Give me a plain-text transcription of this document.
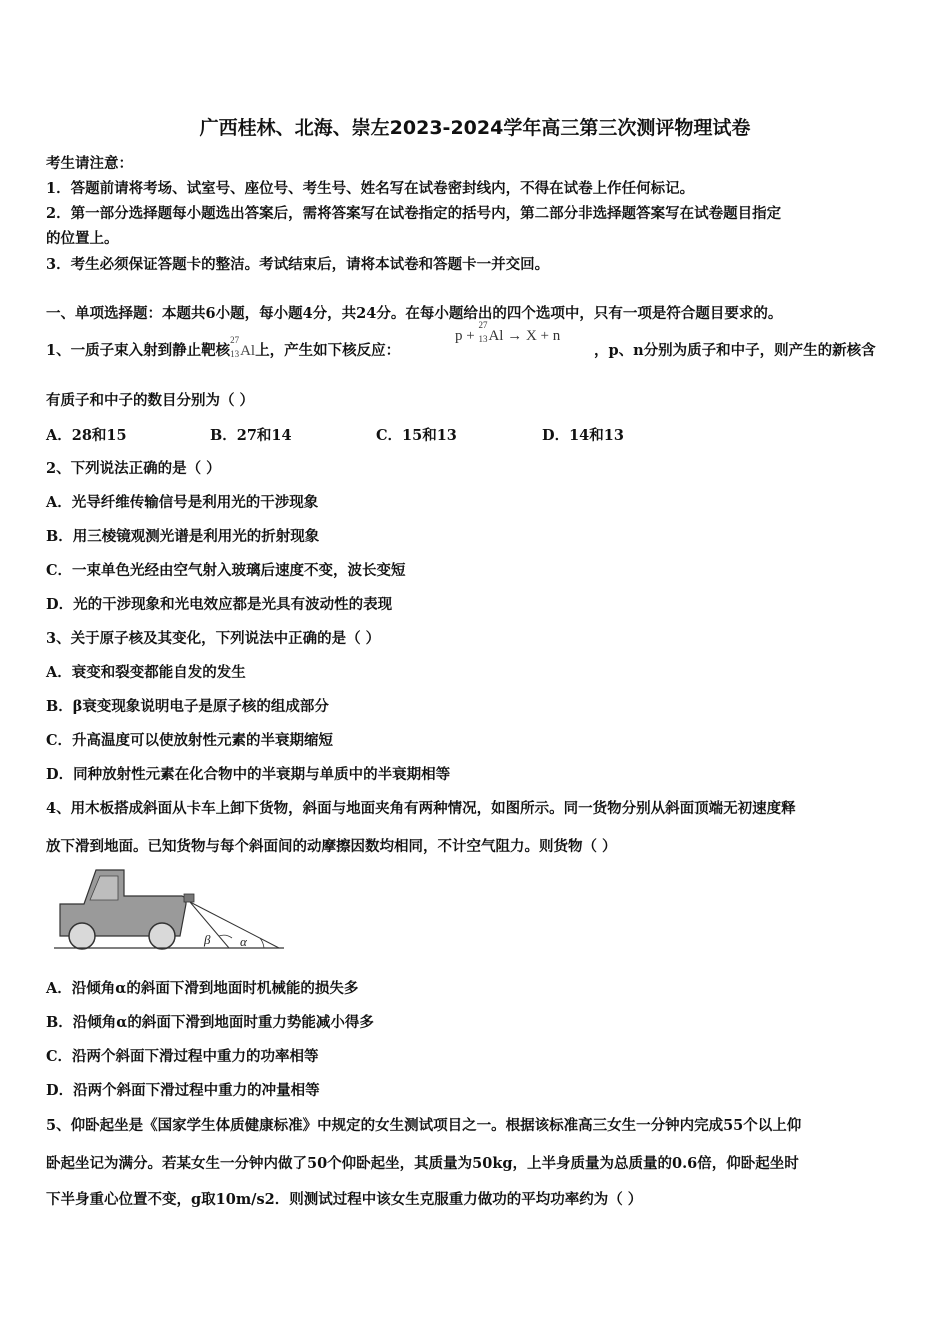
广西桂林、北海、崇左2023-2024学年高三第三次测评物理试卷
考生请注意：
1．答题前请将考场、试室号、座位号、考生号、姓名写在试卷密封线内，不得在试卷上作任何标记。
2．第一部分选择题每小题选出答案后，需将答案写在试卷指定的括号内，第二部分非选择题答案写在试卷题目指定
的位置上。
3．考生必须保证答题卡的整洁。考试结束后，请将本试卷和答题卡一并交回。
一、单项选择题：本题共6小题，每小题4分，共24分。在每小题给出的四个选项中，只有一项是符合题目要求的。
1、一质子束入射到静止靶核
27
13 Al上，产生如下核反应：
p +
27
13 Al → X + n
，p、n分别为质子和中子，则产生的新核含
有质子和中子的数目分别为（ ）
A．28和15	B．27和14	C．15和13	D．14和13
2、下列说法正确的是（ ）
A．光导纤维传输信号是利用光的干涉现象
B．用三棱镜观测光谱是利用光的折射现象
C．一束单色光经由空气射入玻璃后速度不变，波长变短
D．光的干涉现象和光电效应都是光具有波动性的表现
3、关于原子核及其变化，下列说法中正确的是（ ）
A．衰变和裂变都能自发的发生
B．β衰变现象说明电子是原子核的组成部分
C．升高温度可以使放射性元素的半衰期缩短
D．同种放射性元素在化合物中的半衰期与单质中的半衰期相等
4、用木板搭成斜面从卡车上卸下货物，斜面与地面夹角有两种情况，如图所示。同一货物分别从斜面顶端无初速度释
放下滑到地面。已知货物与每个斜面间的动摩擦因数均相同，不计空气阻力。则货物（ ）
β α
A．沿倾角α的斜面下滑到地面时机械能的损失多
B．沿倾角α的斜面下滑到地面时重力势能减小得多
C．沿两个斜面下滑过程中重力的功率相等
D．沿两个斜面下滑过程中重力的冲量相等
5、仰卧起坐是《国家学生体质健康标准》中规定的女生测试项目之一。根据该标准高三女生一分钟内完成55个以上仰
卧起坐记为满分。若某女生一分钟内做了50个仰卧起坐，其质量为50kg，上半身质量为总质量的0.6倍，仰卧起坐时
下半身重心位置不变，g取10m/s2．则测试过程中该女生克服重力做功的平均功率约为（ ）
